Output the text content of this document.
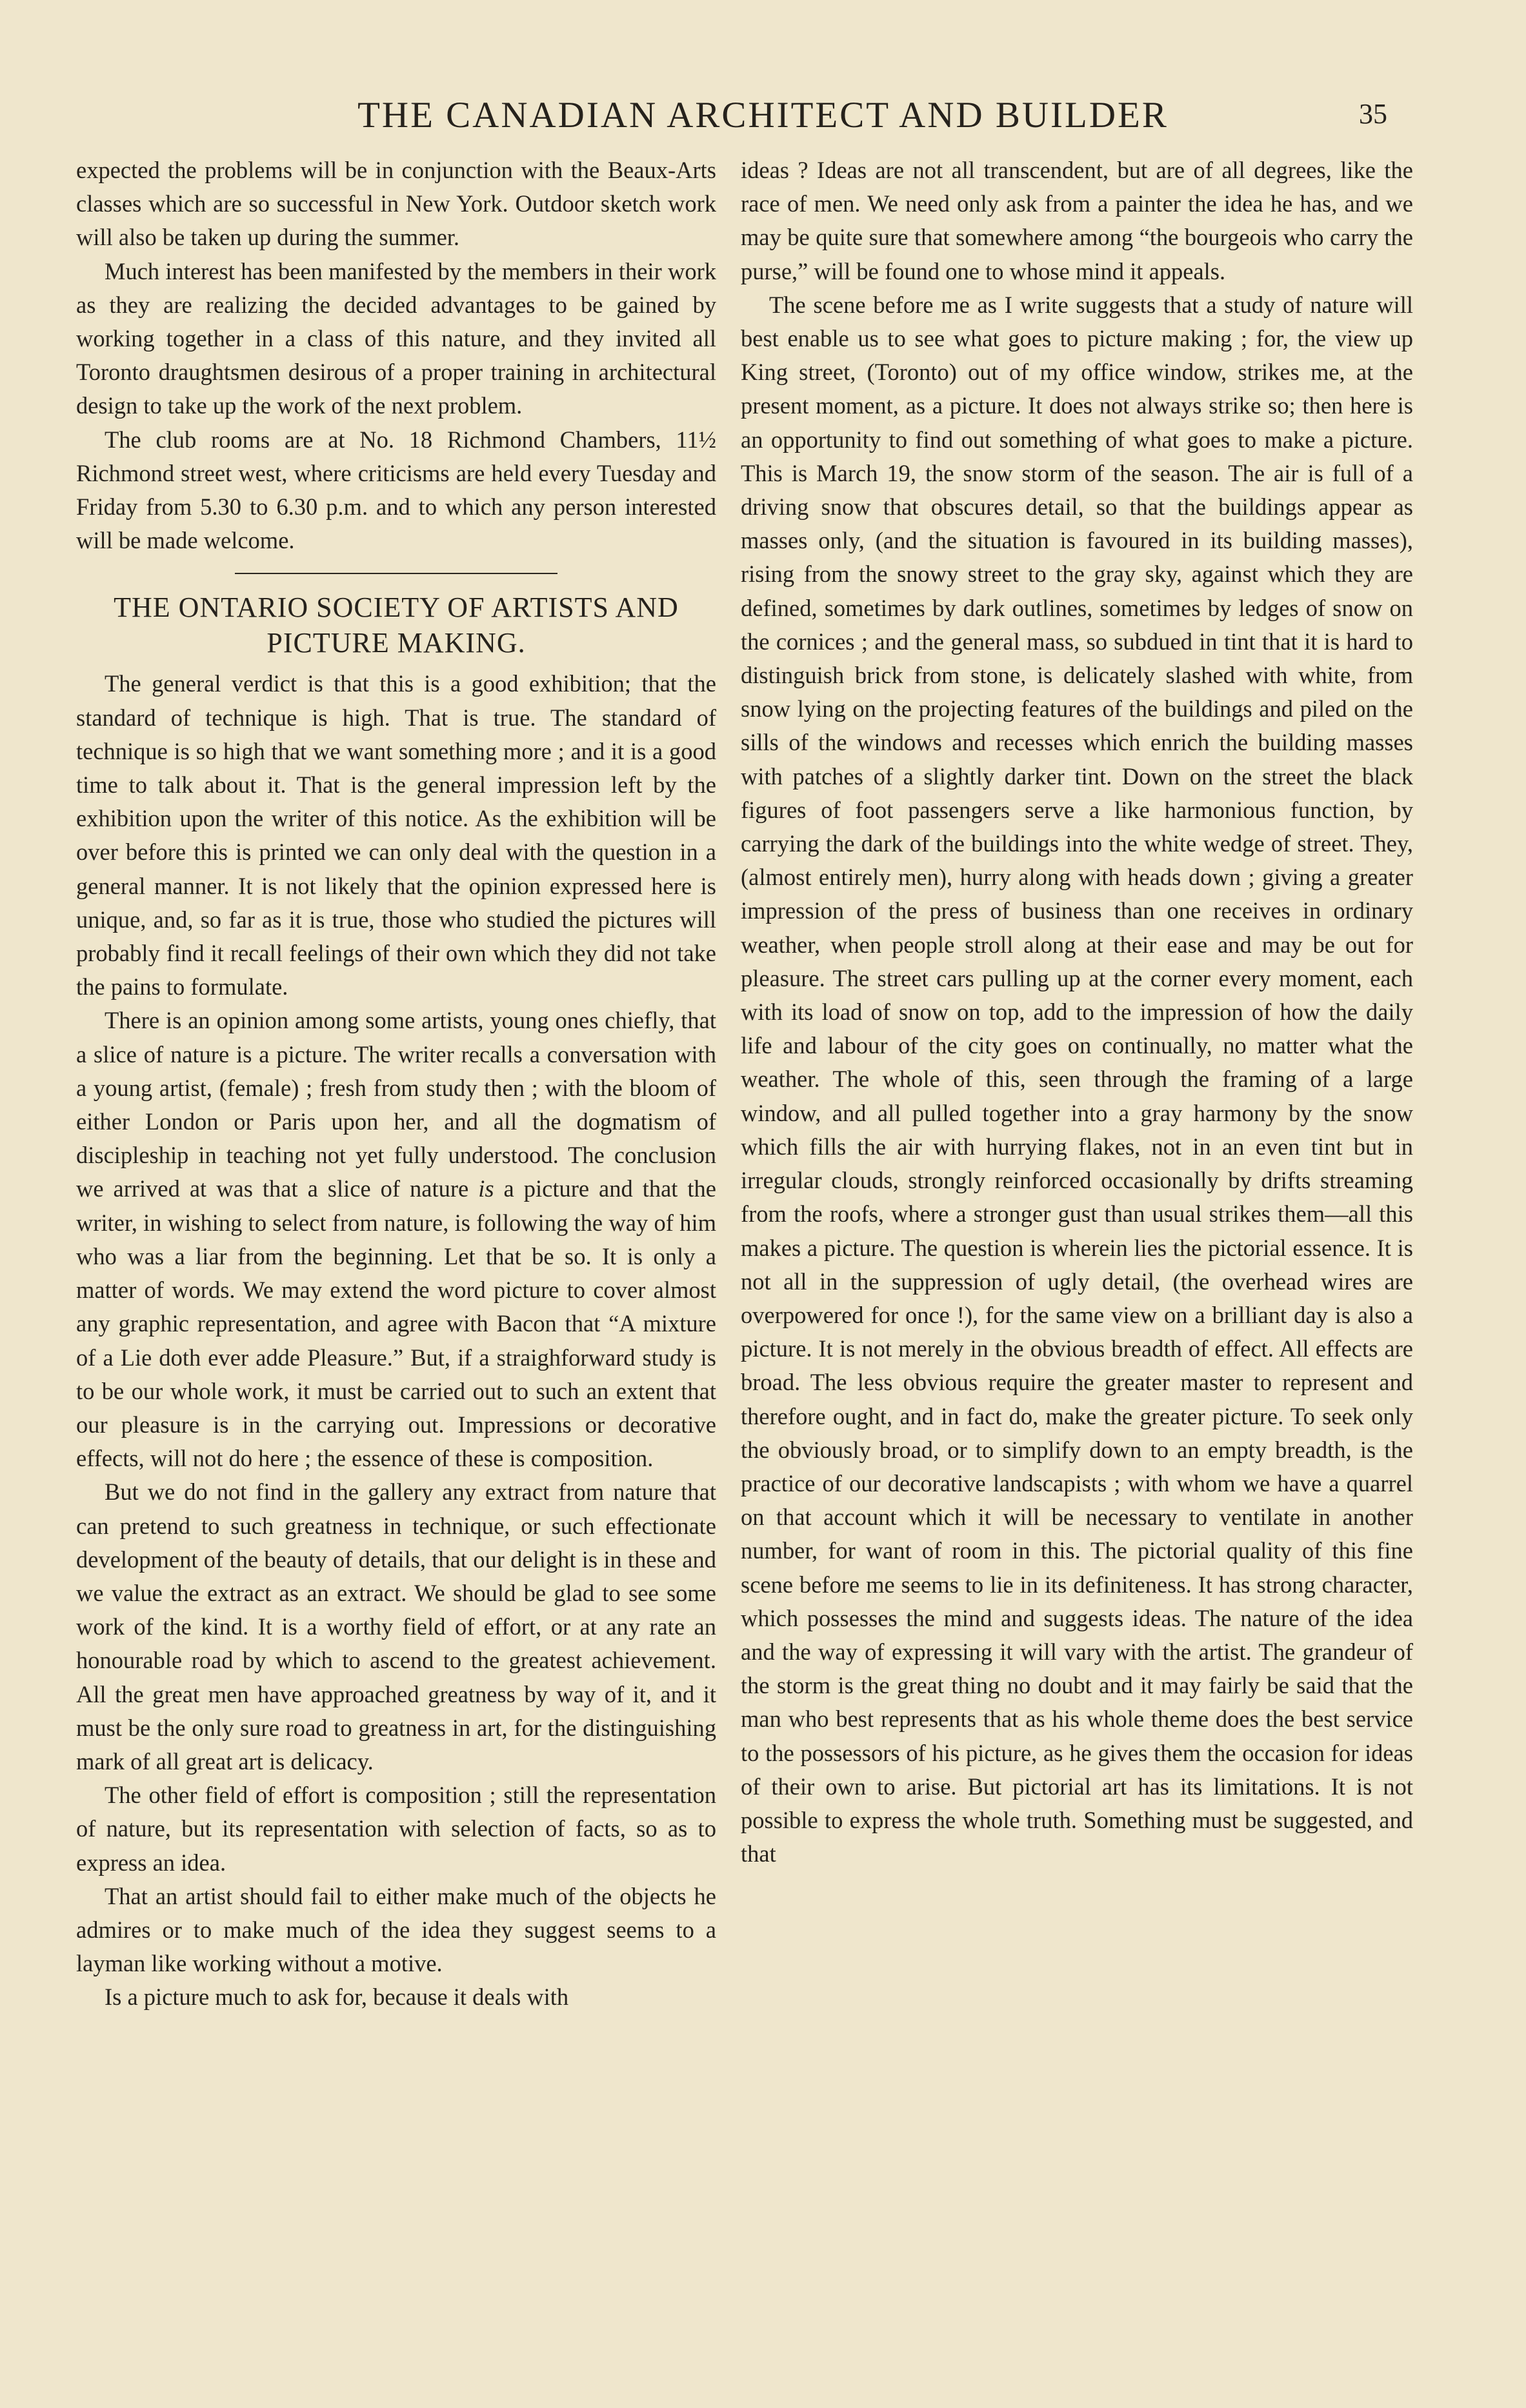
THE CANADIAN ARCHITECT AND BUILDER	35

expected the problems will be in conjunction with the Beaux-Arts classes which are so successful in New York. Outdoor sketch work will also be taken up during the summer.

Much interest has been manifested by the members in their work as they are realizing the decided advantages to be gained by working together in a class of this nature, and they invited all Toronto draughtsmen desirous of a proper training in architectural design to take up the work of the next problem.

The club rooms are at No. 18 Richmond Chambers, 11½ Richmond street west, where criticisms are held every Tuesday and Friday from 5.30 to 6.30 p.m. and to which any person interested will be made welcome.

THE ONTARIO SOCIETY OF ARTISTS AND
PICTURE MAKING.

The general verdict is that this is a good exhibition; that the standard of technique is high. That is true. The standard of technique is so high that we want something more ; and it is a good time to talk about it. That is the general impression left by the exhibition upon the writer of this notice. As the exhibition will be over before this is printed we can only deal with the question in a general manner. It is not likely that the opinion expressed here is unique, and, so far as it is true, those who studied the pictures will probably find it recall feelings of their own which they did not take the pains to formulate.

There is an opinion among some artists, young ones chiefly, that a slice of nature is a picture. The writer recalls a conversation with a young artist, (female) ; fresh from study then ; with the bloom of either London or Paris upon her, and all the dogmatism of discipleship in teaching not yet fully understood. The conclusion we arrived at was that a slice of nature is a picture and that the writer, in wishing to select from nature, is following the way of him who was a liar from the beginning. Let that be so. It is only a matter of words. We may extend the word picture to cover almost any graphic representation, and agree with Bacon that “A mixture of a Lie doth ever adde Pleasure.” But, if a straighforward study is to be our whole work, it must be carried out to such an extent that our pleasure is in the carrying out. Impressions or decorative effects, will not do here ; the essence of these is composition.

But we do not find in the gallery any extract from nature that can pretend to such greatness in technique, or such effectionate development of the beauty of details, that our delight is in these and we value the extract as an extract. We should be glad to see some work of the kind. It is a worthy field of effort, or at any rate an honourable road by which to ascend to the greatest achievement. All the great men have approached greatness by way of it, and it must be the only sure road to greatness in art, for the distinguishing mark of all great art is delicacy.

The other field of effort is composition ; still the representation of nature, but its representation with selection of facts, so as to express an idea.

That an artist should fail to either make much of the objects he admires or to make much of the idea they suggest seems to a layman like working without a motive.

Is a picture much to ask for, because it deals with

ideas ? Ideas are not all transcendent, but are of all degrees, like the race of men. We need only ask from a painter the idea he has, and we may be quite sure that somewhere among “the bourgeois who carry the purse,” will be found one to whose mind it appeals.

The scene before me as I write suggests that a study of nature will best enable us to see what goes to picture making ; for, the view up King street, (Toronto) out of my office window, strikes me, at the present moment, as a picture. It does not always strike so; then here is an opportunity to find out something of what goes to make a picture. This is March 19, the snow storm of the season. The air is full of a driving snow that obscures detail, so that the buildings appear as masses only, (and the situation is favoured in its building masses), rising from the snowy street to the gray sky, against which they are defined, sometimes by dark outlines, sometimes by ledges of snow on the cornices ; and the general mass, so subdued in tint that it is hard to distinguish brick from stone, is delicately slashed with white, from snow lying on the projecting features of the buildings and piled on the sills of the windows and recesses which enrich the building masses with patches of a slightly darker tint. Down on the street the black figures of foot passengers serve a like harmonious function, by carrying the dark of the buildings into the white wedge of street. They, (almost entirely men), hurry along with heads down ; giving a greater impression of the press of business than one receives in ordinary weather, when people stroll along at their ease and may be out for pleasure. The street cars pulling up at the corner every moment, each with its load of snow on top, add to the impression of how the daily life and labour of the city goes on continually, no matter what the weather. The whole of this, seen through the framing of a large window, and all pulled together into a gray harmony by the snow which fills the air with hurrying flakes, not in an even tint but in irregular clouds, strongly reinforced occasionally by drifts streaming from the roofs, where a stronger gust than usual strikes them—all this makes a picture. The question is wherein lies the pictorial essence. It is not all in the suppression of ugly detail, (the overhead wires are overpowered for once !), for the same view on a brilliant day is also a picture. It is not merely in the obvious breadth of effect. All effects are broad. The less obvious require the greater master to represent and therefore ought, and in fact do, make the greater picture. To seek only the obviously broad, or to simplify down to an empty breadth, is the practice of our decorative landscapists ; with whom we have a quarrel on that account which it will be necessary to ventilate in another number, for want of room in this. The pictorial quality of this fine scene before me seems to lie in its definiteness. It has strong character, which possesses the mind and suggests ideas. The nature of the idea and the way of expressing it will vary with the artist. The grandeur of the storm is the great thing no doubt and it may fairly be said that the man who best represents that as his whole theme does the best service to the possessors of his picture, as he gives them the occasion for ideas of their own to arise. But pictorial art has its limitations. It is not possible to express the whole truth. Something must be suggested, and that
